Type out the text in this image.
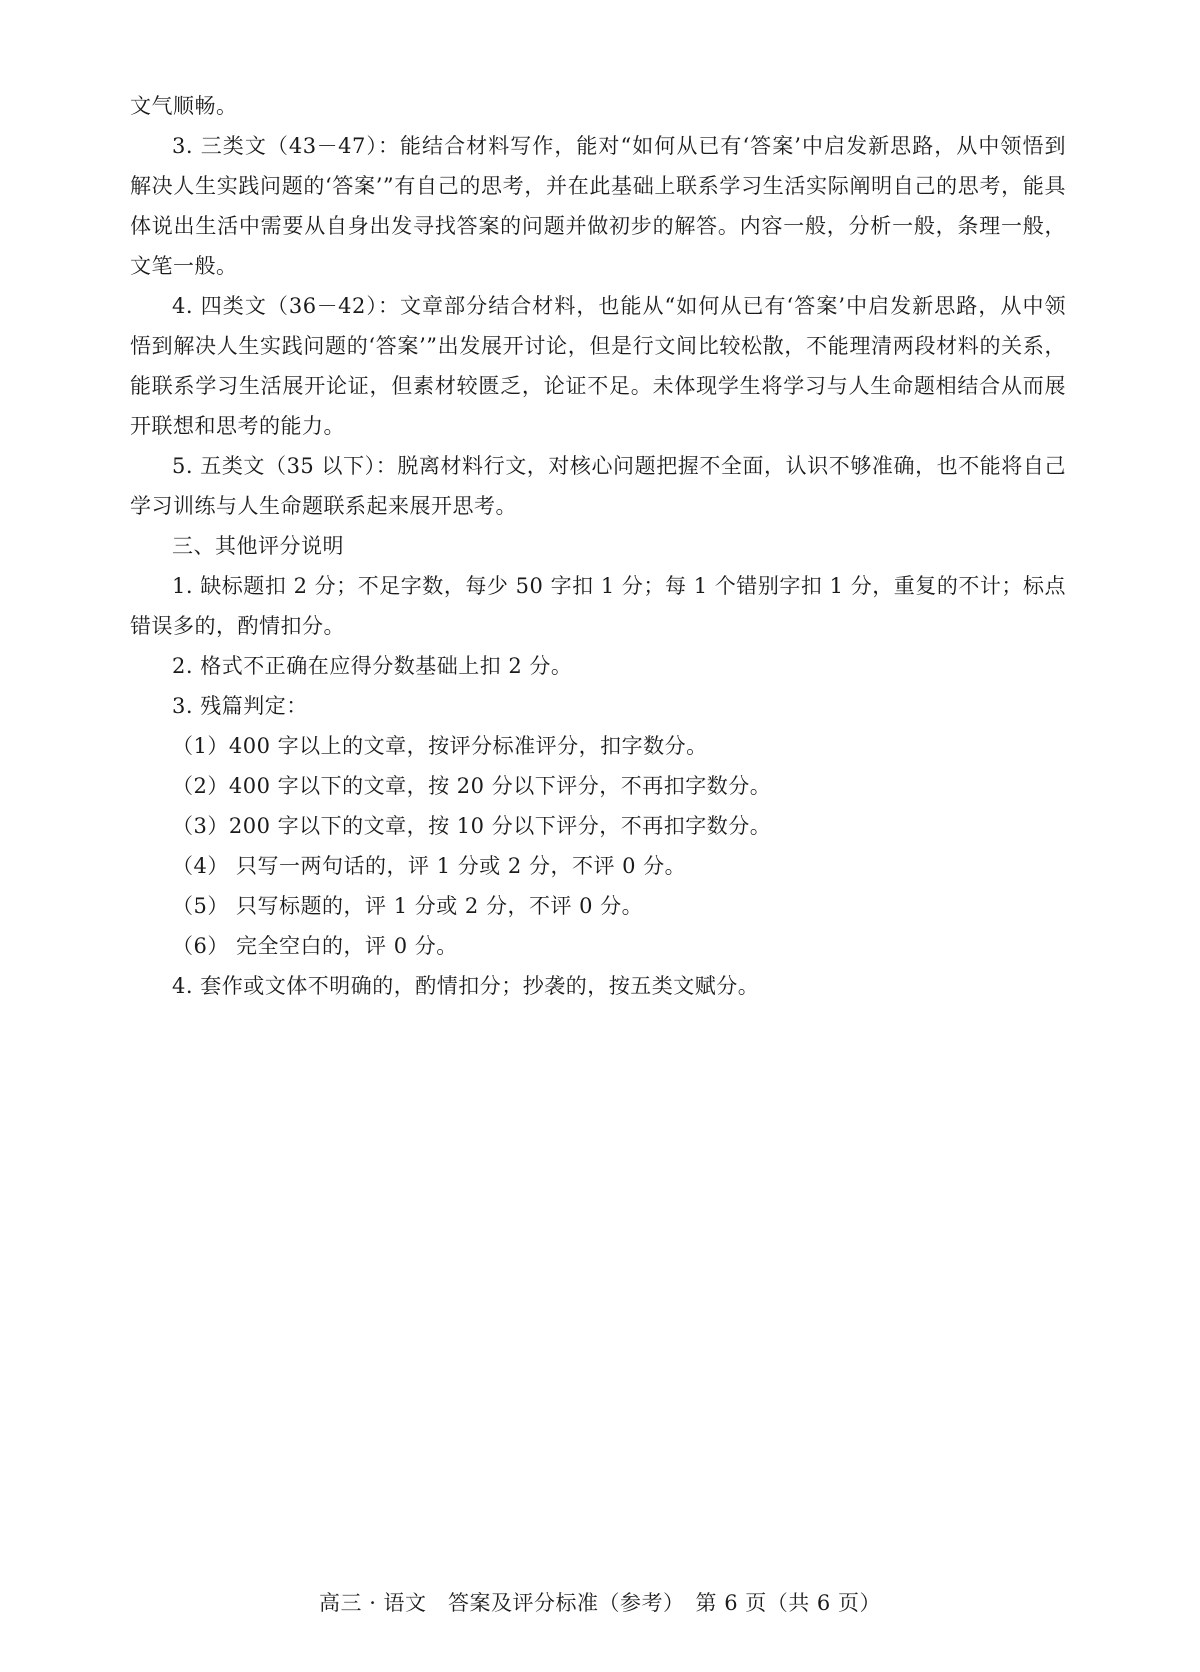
文气顺畅。

3. 三类文（43－47）：能结合材料写作，能对“如何从已有‘答案’中启发新思路，从中领悟到解决人生实践问题的‘答案’”有自己的思考，并在此基础上联系学习生活实际阐明自己的思考，能具体说出生活中需要从自身出发寻找答案的问题并做初步的解答。内容一般，分析一般，条理一般，文笔一般。

4. 四类文（36－42）：文章部分结合材料，也能从“如何从已有‘答案’中启发新思路，从中领悟到解决人生实践问题的‘答案’”出发展开讨论，但是行文间比较松散，不能理清两段材料的关系，能联系学习生活展开论证，但素材较匮乏，论证不足。未体现学生将学习与人生命题相结合从而展开联想和思考的能力。

5. 五类文（35 以下）：脱离材料行文，对核心问题把握不全面，认识不够准确，也不能将自己学习训练与人生命题联系起来展开思考。

三、其他评分说明

1. 缺标题扣 2 分；不足字数，每少 50 字扣 1 分；每 1 个错别字扣 1 分，重复的不计；标点错误多的，酌情扣分。

2. 格式不正确在应得分数基础上扣 2 分。

3. 残篇判定：

（1）400 字以上的文章，按评分标准评分，扣字数分。

（2）400 字以下的文章，按 20 分以下评分，不再扣字数分。

（3）200 字以下的文章，按 10 分以下评分，不再扣字数分。

（4） 只写一两句话的，评 1 分或 2 分，不评 0 分。

（5） 只写标题的，评 1 分或 2 分，不评 0 分。

（6） 完全空白的，评 0 分。

4. 套作或文体不明确的，酌情扣分；抄袭的，按五类文赋分。

高三 · 语文　答案及评分标准（参考）　第 6 页（共 6 页）
